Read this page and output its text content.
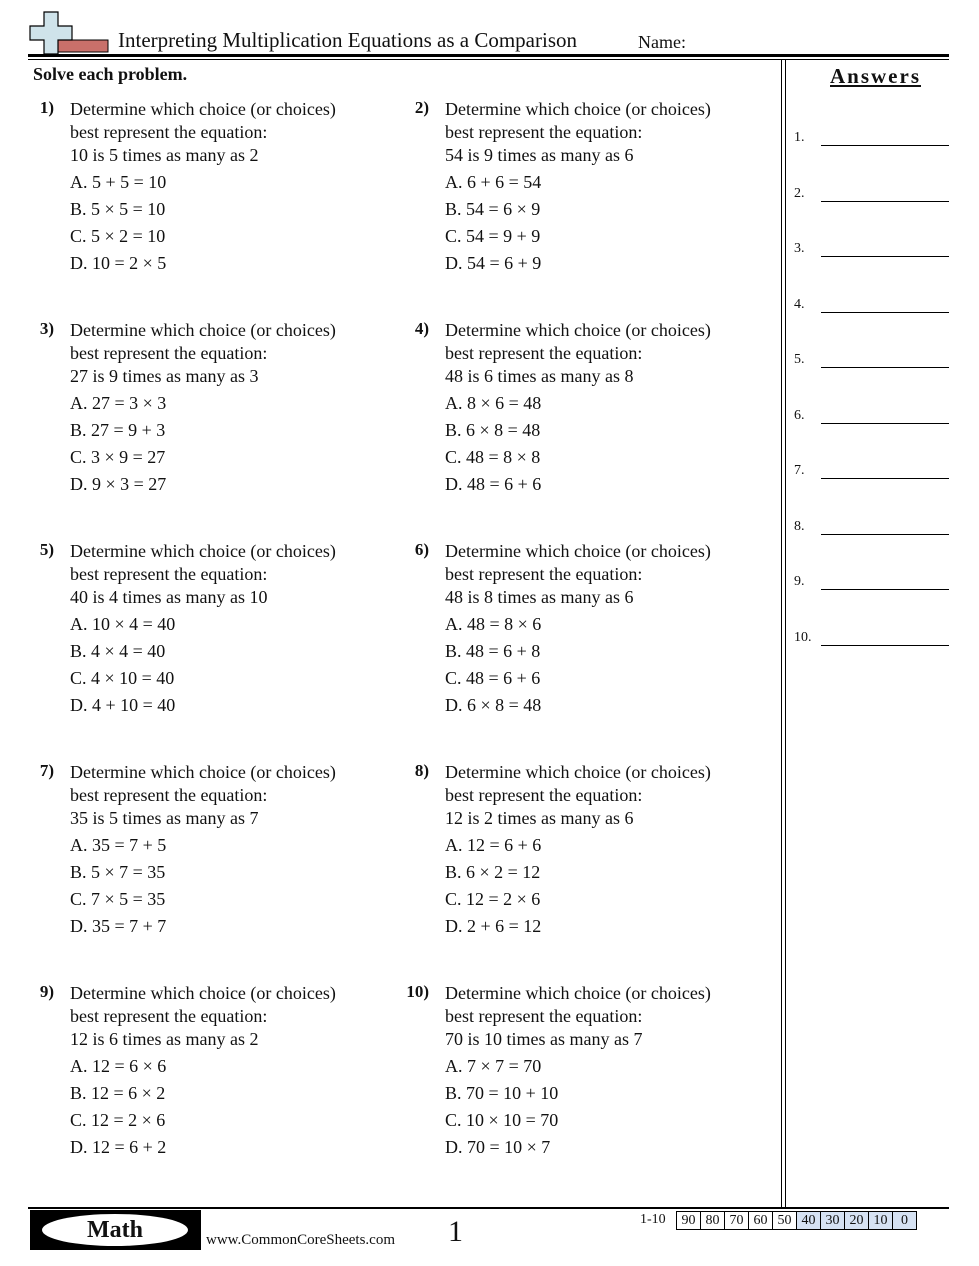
Interpreting Multiplication Equations as a Comparison	Name:
Solve each problem.
1) Determine which choice (or choices)
best represent the equation:
10 is 5 times as many as 2
A. 5 + 5 = 10
B. 5 × 5 = 10
C. 5 × 2 = 10
D. 10 = 2 × 5
2) Determine which choice (or choices)
best represent the equation:
54 is 9 times as many as 6
A. 6 + 6 = 54
B. 54 = 6 × 9
C. 54 = 9 + 9
D. 54 = 6 + 9
3) Determine which choice (or choices)
best represent the equation:
27 is 9 times as many as 3
A. 27 = 3 × 3
B. 27 = 9 + 3
C. 3 × 9 = 27
D. 9 × 3 = 27
4) Determine which choice (or choices)
best represent the equation:
48 is 6 times as many as 8
A. 8 × 6 = 48
B. 6 × 8 = 48
C. 48 = 8 × 8
D. 48 = 6 + 6
5) Determine which choice (or choices)
best represent the equation:
40 is 4 times as many as 10
A. 10 × 4 = 40
B. 4 × 4 = 40
C. 4 × 10 = 40
D. 4 + 10 = 40
6) Determine which choice (or choices)
best represent the equation:
48 is 8 times as many as 6
A. 48 = 8 × 6
B. 48 = 6 + 8
C. 48 = 6 + 6
D. 6 × 8 = 48
7) Determine which choice (or choices)
best represent the equation:
35 is 5 times as many as 7
A. 35 = 7 + 5
B. 5 × 7 = 35
C. 7 × 5 = 35
D. 35 = 7 + 7
8) Determine which choice (or choices)
best represent the equation:
12 is 2 times as many as 6
A. 12 = 6 + 6
B. 6 × 2 = 12
C. 12 = 2 × 6
D. 2 + 6 = 12
9) Determine which choice (or choices)
best represent the equation:
12 is 6 times as many as 2
A. 12 = 6 × 6
B. 12 = 6 × 2
C. 12 = 2 × 6
D. 12 = 6 + 2
10) Determine which choice (or choices)
best represent the equation:
70 is 10 times as many as 7
A. 7 × 7 = 70
B. 70 = 10 + 10
C. 10 × 10 = 70
D. 70 = 10 × 7
Answers
1.
2.
3.
4.
5.
6.
7.
8.
9.
10.
Math	www.CommonCoreSheets.com 1	1-10	90 80 70 60 50 40 30 20 10 0
